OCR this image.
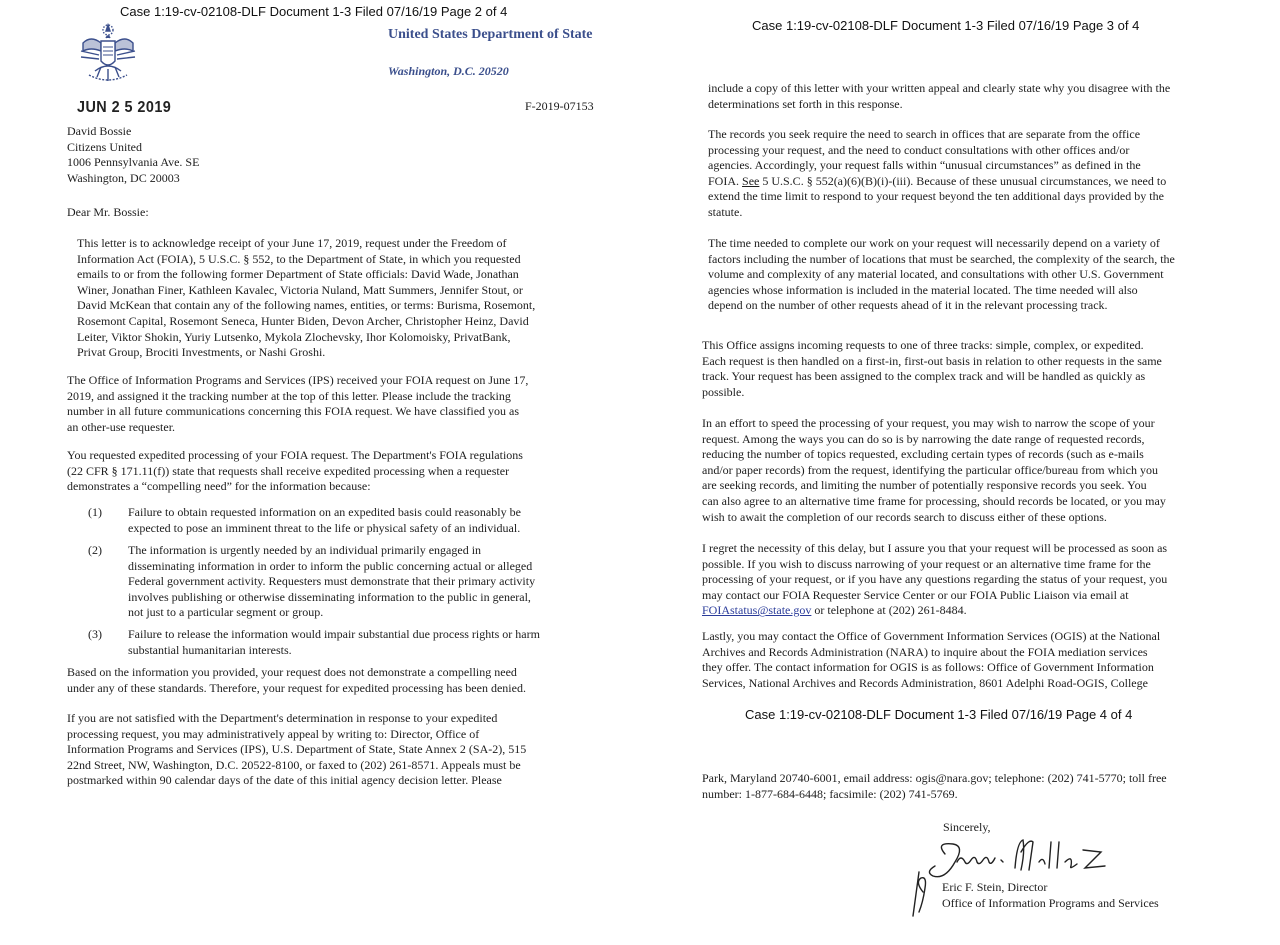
Case 1:19-cv-02108-DLF Document 1-3 Filed 07/16/19 Page 2 of 4

United States Department of State

Washington, D.C. 20520

JUN 2 5 2019	F-2019-07153

David Bossie
Citizens United
1006 Pennsylvania Ave. SE
Washington, DC 20003

Dear Mr. Bossie:

This letter is to acknowledge receipt of your June 17, 2019, request under the Freedom of
Information Act (FOIA), 5 U.S.C. § 552, to the Department of State, in which you requested
emails to or from the following former Department of State officials: David Wade, Jonathan
Winer, Jonathan Finer, Kathleen Kavalec, Victoria Nuland, Matt Summers, Jennifer Stout, or
David McKean that contain any of the following names, entities, or terms: Burisma, Rosemont,
Rosemont Capital, Rosemont Seneca, Hunter Biden, Devon Archer, Christopher Heinz, David
Leiter, Viktor Shokin, Yuriy Lutsenko, Mykola Zlochevsky, Ihor Kolomoisky, PrivatBank,
Privat Group, Brociti Investments, or Nashi Groshi.
The Office of Information Programs and Services (IPS) received your FOIA request on June 17,
2019, and assigned it the tracking number at the top of this letter. Please include the tracking
number in all future communications concerning this FOIA request. We have classified you as
an other-use requester.
You requested expedited processing of your FOIA request. The Department's FOIA regulations
(22 CFR § 171.11(f)) state that requests shall receive expedited processing when a requester
demonstrates a “compelling need” for the information because:

(1) Failure to obtain requested information on an expedited basis could reasonably be
expected to pose an imminent threat to the life or physical safety of an individual.

(2) The information is urgently needed by an individual primarily engaged in
disseminating information in order to inform the public concerning actual or alleged
Federal government activity. Requesters must demonstrate that their primary activity
involves publishing or otherwise disseminating information to the public in general,
not just to a particular segment or group.

(3) Failure to release the information would impair substantial due process rights or harm
substantial humanitarian interests.
Based on the information you provided, your request does not demonstrate a compelling need
under any of these standards. Therefore, your request for expedited processing has been denied.
If you are not satisfied with the Department's determination in response to your expedited
processing request, you may administratively appeal by writing to: Director, Office of
Information Programs and Services (IPS), U.S. Department of State, State Annex 2 (SA-2), 515
22nd Street, NW, Washington, D.C. 20522-8100, or faxed to (202) 261-8571. Appeals must be
postmarked within 90 calendar days of the date of this initial agency decision letter. Please

Case 1:19-cv-02108-DLF Document 1-3 Filed 07/16/19 Page 3 of 4

include a copy of this letter with your written appeal and clearly state why you disagree with the
determinations set forth in this response.
The records you seek require the need to search in offices that are separate from the office
processing your request, and the need to conduct consultations with other offices and/or
agencies. Accordingly, your request falls within “unusual circumstances” as defined in the
FOIA. See 5 U.S.C. § 552(a)(6)(B)(i)-(iii). Because of these unusual circumstances, we need to
extend the time limit to respond to your request beyond the ten additional days provided by the
statute.
The time needed to complete our work on your request will necessarily depend on a variety of
factors including the number of locations that must be searched, the complexity of the search, the
volume and complexity of any material located, and consultations with other U.S. Government
agencies whose information is included in the material located. The time needed will also
depend on the number of other requests ahead of it in the relevant processing track.
This Office assigns incoming requests to one of three tracks: simple, complex, or expedited.
Each request is then handled on a first-in, first-out basis in relation to other requests in the same
track. Your request has been assigned to the complex track and will be handled as quickly as
possible.
In an effort to speed the processing of your request, you may wish to narrow the scope of your
request. Among the ways you can do so is by narrowing the date range of requested records,
reducing the number of topics requested, excluding certain types of records (such as e-mails
and/or paper records) from the request, identifying the particular office/bureau from which you
are seeking records, and limiting the number of potentially responsive records you seek. You
can also agree to an alternative time frame for processing, should records be located, or you may
wish to await the completion of our records search to discuss either of these options.
I regret the necessity of this delay, but I assure you that your request will be processed as soon as
possible. If you wish to discuss narrowing of your request or an alternative time frame for the
processing of your request, or if you have any questions regarding the status of your request, you
may contact our FOIA Requester Service Center or our FOIA Public Liaison via email at
FOIAstatus@state.gov or telephone at (202) 261-8484.
Lastly, you may contact the Office of Government Information Services (OGIS) at the National
Archives and Records Administration (NARA) to inquire about the FOIA mediation services
they offer. The contact information for OGIS is as follows: Office of Government Information
Services, National Archives and Records Administration, 8601 Adelphi Road-OGIS, College

Case 1:19-cv-02108-DLF Document 1-3 Filed 07/16/19 Page 4 of 4

Park, Maryland 20740-6001, email address: ogis@nara.gov; telephone: (202) 741-5770; toll free
number: 1-877-684-6448; facsimile: (202) 741-5769.

Sincerely,

Eric F. Stein, Director
Office of Information Programs and Services
